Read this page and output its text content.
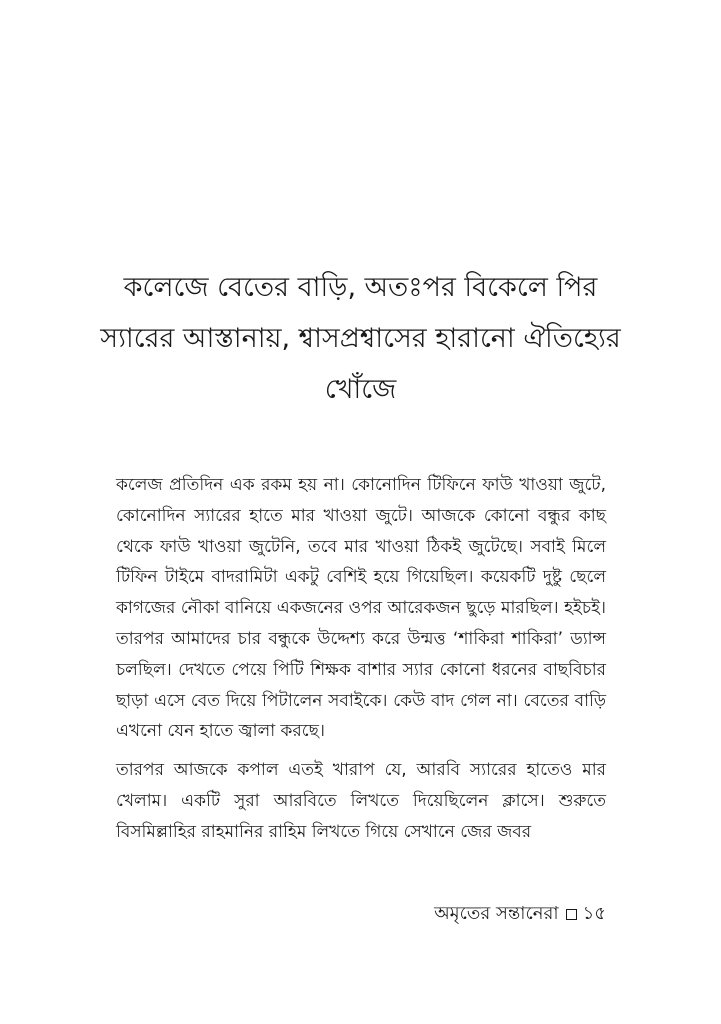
কলেজে বেতের বাড়ি, অতঃপর বিকেলে পির
স্যারের আস্তানায়, শ্বাসপ্রশ্বাসের হারানো ঐতিহ্যের
খোঁজে

কলেজ প্রতিদিন এক রকম হয় না। কোনোদিন টিফিনে ফাউ খাওয়া জুটে, কোনোদিন স্যারের হাতে মার খাওয়া জুটে। আজকে কোনো বন্ধুর কাছ থেকে ফাউ খাওয়া জুটেনি, তবে মার খাওয়া ঠিকই জুটেছে। সবাই মিলে টিফিন টাইমে বাদরামিটা একটু বেশিই হয়ে গিয়েছিল। কয়েকটি দুষ্টু ছেলে কাগজের নৌকা বানিয়ে একজনের ওপর আরেকজন ছুড়ে মারছিল। হইচই। তারপর আমাদের চার বন্ধুকে উদ্দেশ্য করে উন্মত্ত ‘শাকিরা শাকিরা’ ড্যান্স চলছিল। দেখতে পেয়ে পিটি শিক্ষক বাশার স্যার কোনো ধরনের বাছবিচার ছাড়া এসে বেত দিয়ে পিটালেন সবাইকে। কেউ বাদ গেল না। বেতের বাড়ি এখনো যেন হাতে জ্বালা করছে।

তারপর আজকে কপাল এতই খারাপ যে, আরবি স্যারের হাতেও মার খেলাম। একটি সুরা আরবিতে লিখতে দিয়েছিলেন ক্লাসে। শুরুতে বিসমিল্লাহির রাহমানির রাহিম লিখতে গিয়ে সেখানে জের জবর

অমৃতের সন্তানেরা ১৫
